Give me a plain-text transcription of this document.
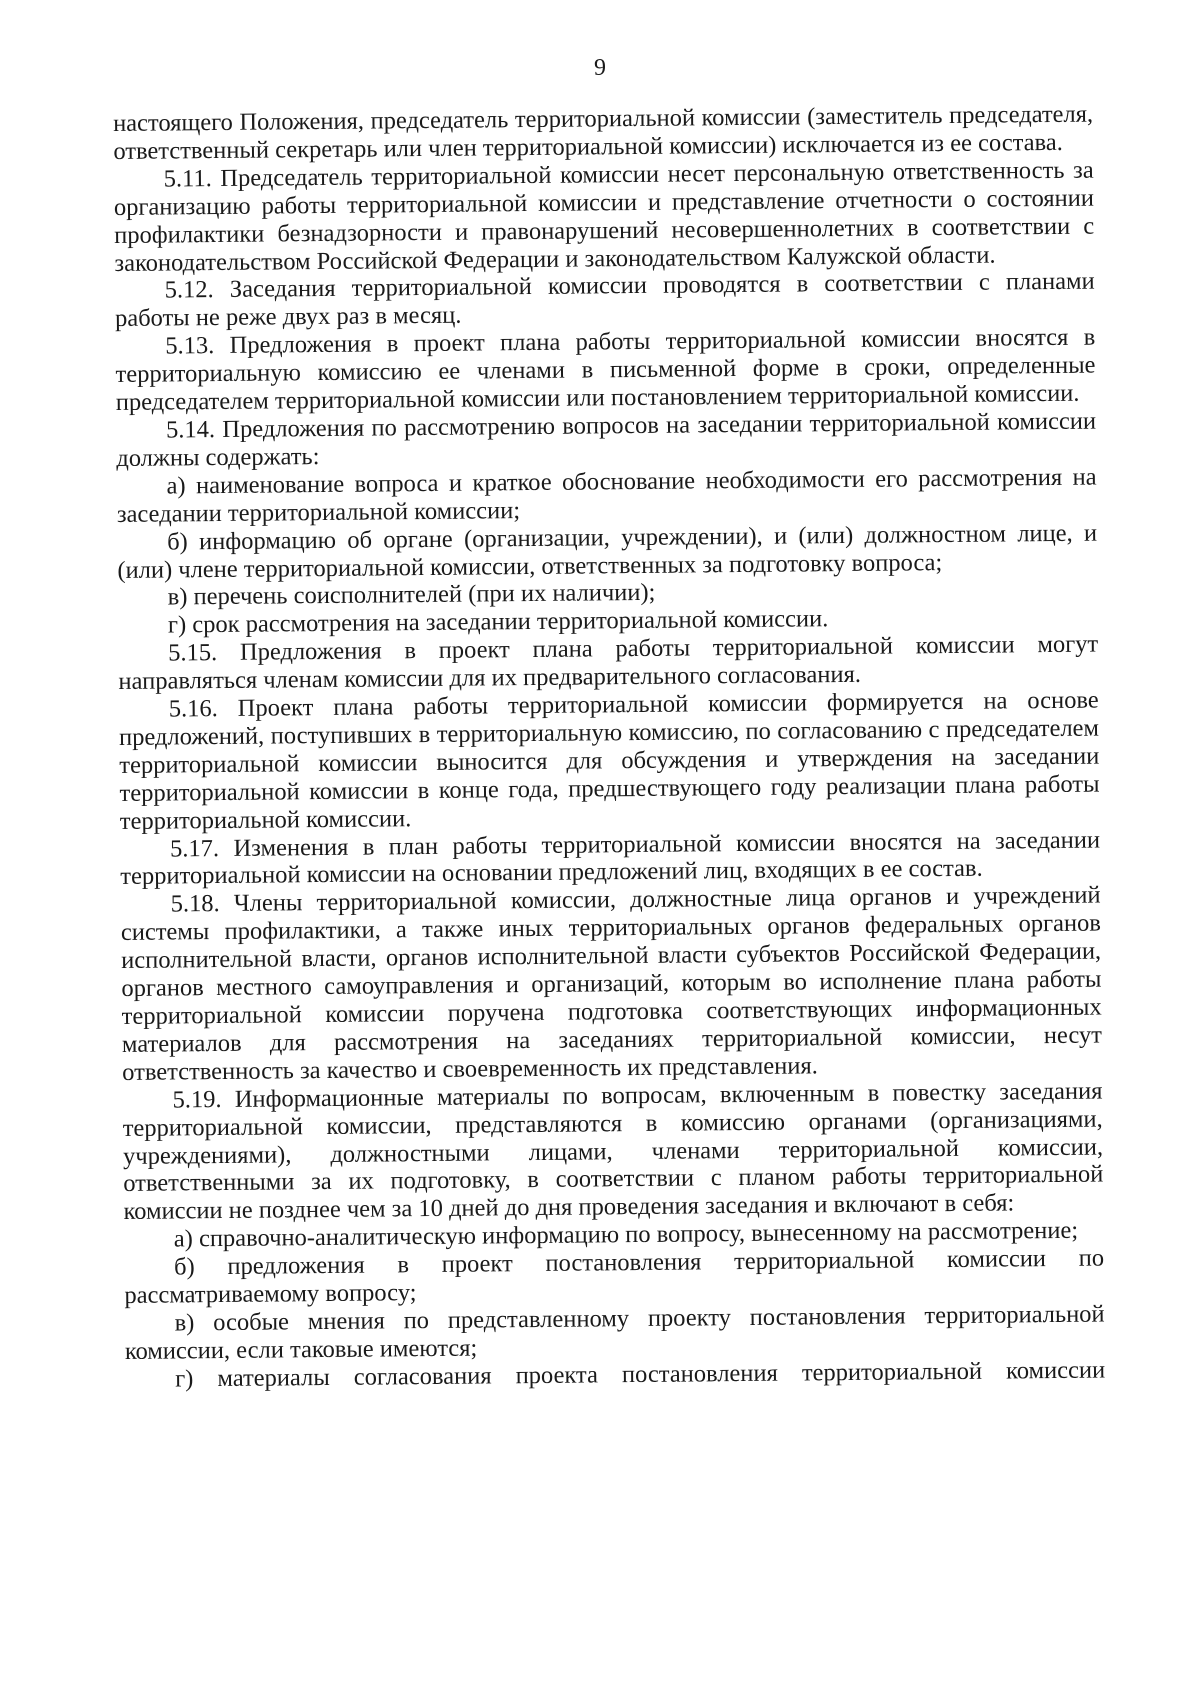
9

настоящего Положения, председатель территориальной комиссии (заместитель председателя, ответственный секретарь или член территориальной комиссии) исключается из ее состава.

5.11. Председатель территориальной комиссии несет персональную ответственность за организацию работы территориальной комиссии и представление отчетности о состоянии профилактики безнадзорности и правонарушений несовершеннолетних в соответствии с законодательством Российской Федерации и законодательством Калужской области.

5.12. Заседания территориальной комиссии проводятся в соответствии с планами работы не реже двух раз в месяц.

5.13. Предложения в проект плана работы территориальной комиссии вносятся в территориальную комиссию ее членами в письменной форме в сроки, определенные председателем территориальной комиссии или постановлением территориальной комиссии.

5.14. Предложения по рассмотрению вопросов на заседании территориальной комиссии должны содержать:

а) наименование вопроса и краткое обоснование необходимости его рассмотрения на заседании территориальной комиссии;

б) информацию об органе (организации, учреждении), и (или) должностном лице, и (или) члене территориальной комиссии, ответственных за подготовку вопроса;

в) перечень соисполнителей (при их наличии);

г) срок рассмотрения на заседании территориальной комиссии.

5.15. Предложения в проект плана работы территориальной комиссии могут направляться членам комиссии для их предварительного согласования.

5.16. Проект плана работы территориальной комиссии формируется на основе предложений, поступивших в территориальную комиссию, по согласованию с председателем территориальной комиссии выносится для обсуждения и утверждения на заседании территориальной комиссии в конце года, предшествующего году реализации плана работы территориальной комиссии.

5.17. Изменения в план работы территориальной комиссии вносятся на заседании территориальной комиссии на основании предложений лиц, входящих в ее состав.

5.18. Члены территориальной комиссии, должностные лица органов и учреждений системы профилактики, а также иных территориальных органов федеральных органов исполнительной власти, органов исполнительной власти субъектов Российской Федерации, органов местного самоуправления и организаций, которым во исполнение плана работы территориальной комиссии поручена подготовка соответствующих информационных материалов для рассмотрения на заседаниях территориальной комиссии, несут ответственность за качество и своевременность их представления.

5.19. Информационные материалы по вопросам, включенным в повестку заседания территориальной комиссии, представляются в комиссию органами (организациями, учреждениями), должностными лицами, членами территориальной комиссии, ответственными за их подготовку, в соответствии с планом работы территориальной комиссии не позднее чем за 10 дней до дня проведения заседания и включают в себя:

а) справочно-аналитическую информацию по вопросу, вынесенному на рассмотрение;

б) предложения в проект постановления территориальной комиссии по рассматриваемому вопросу;

в) особые мнения по представленному проекту постановления территориальной комиссии, если таковые имеются;

г) материалы согласования проекта постановления территориальной комиссии
